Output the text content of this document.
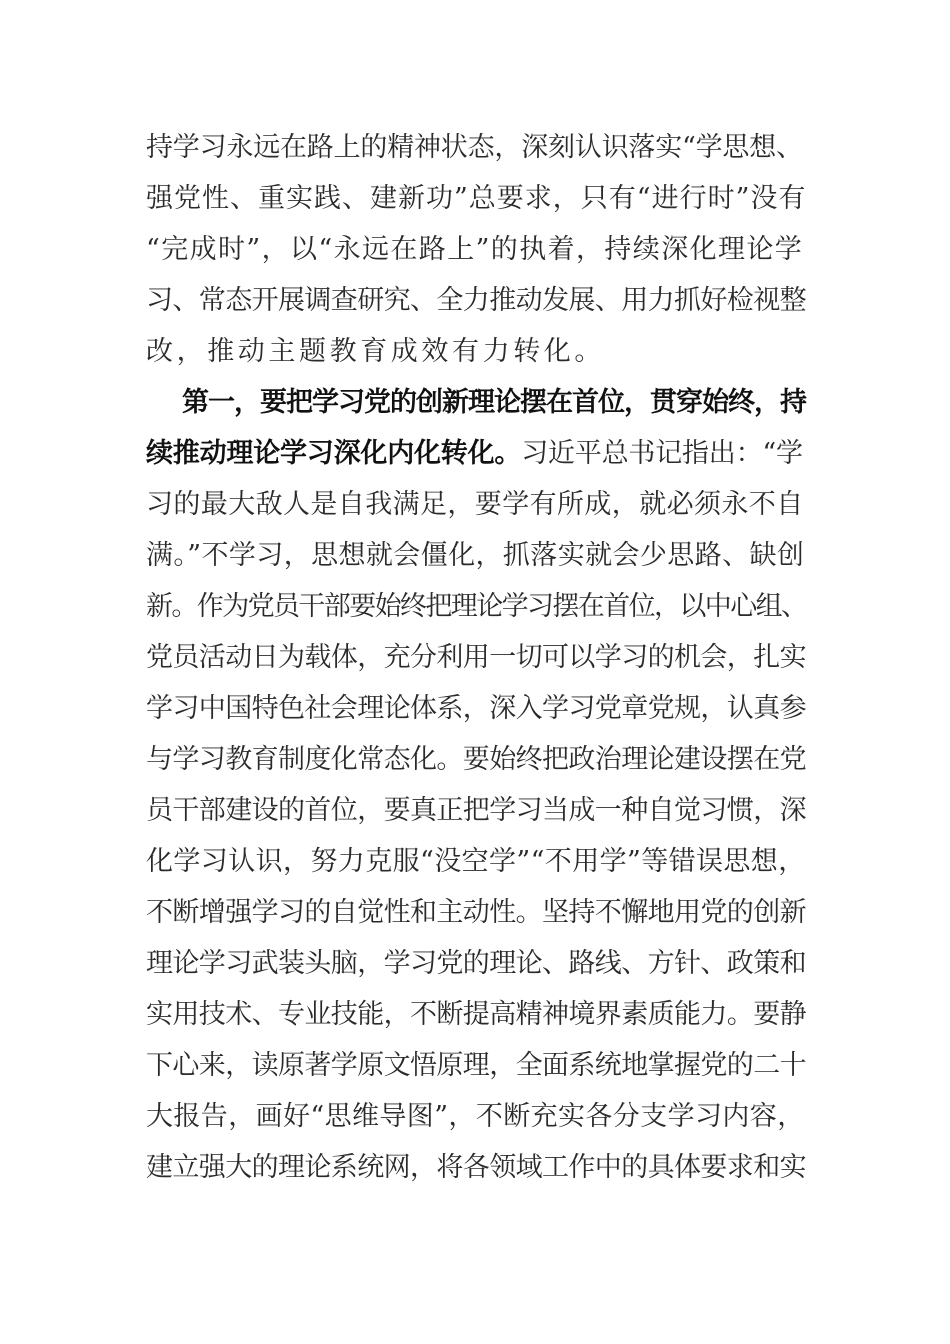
持学习永远在路上的精神状态，深刻认识落实“学思想、
强党性、重实践、建新功”总要求，只有“进行时”没有
“完成时”，以“永远在路上”的执着，持续深化理论学
习、常态开展调查研究、全力推动发展、用力抓好检视整
改，推动主题教育成效有力转化。
第一，要把学习党的创新理论摆在首位，贯穿始终，持
续推动理论学习深化内化转化。习近平总书记指出：“学
习的最大敌人是自我满足，要学有所成，就必须永不自
满。”不学习，思想就会僵化，抓落实就会少思路、缺创
新。作为党员干部要始终把理论学习摆在首位，以中心组、
党员活动日为载体，充分利用一切可以学习的机会，扎实
学习中国特色社会理论体系，深入学习党章党规，认真参
与学习教育制度化常态化。要始终把政治理论建设摆在党
员干部建设的首位，要真正把学习当成一种自觉习惯，深
化学习认识，努力克服“没空学”“不用学”等错误思想，
不断增强学习的自觉性和主动性。坚持不懈地用党的创新
理论学习武装头脑，学习党的理论、路线、方针、政策和
实用技术、专业技能，不断提高精神境界素质能力。要静
下心来，读原著学原文悟原理，全面系统地掌握党的二十
大报告，画好“思维导图”，不断充实各分支学习内容，
建立强大的理论系统网，将各领域工作中的具体要求和实
